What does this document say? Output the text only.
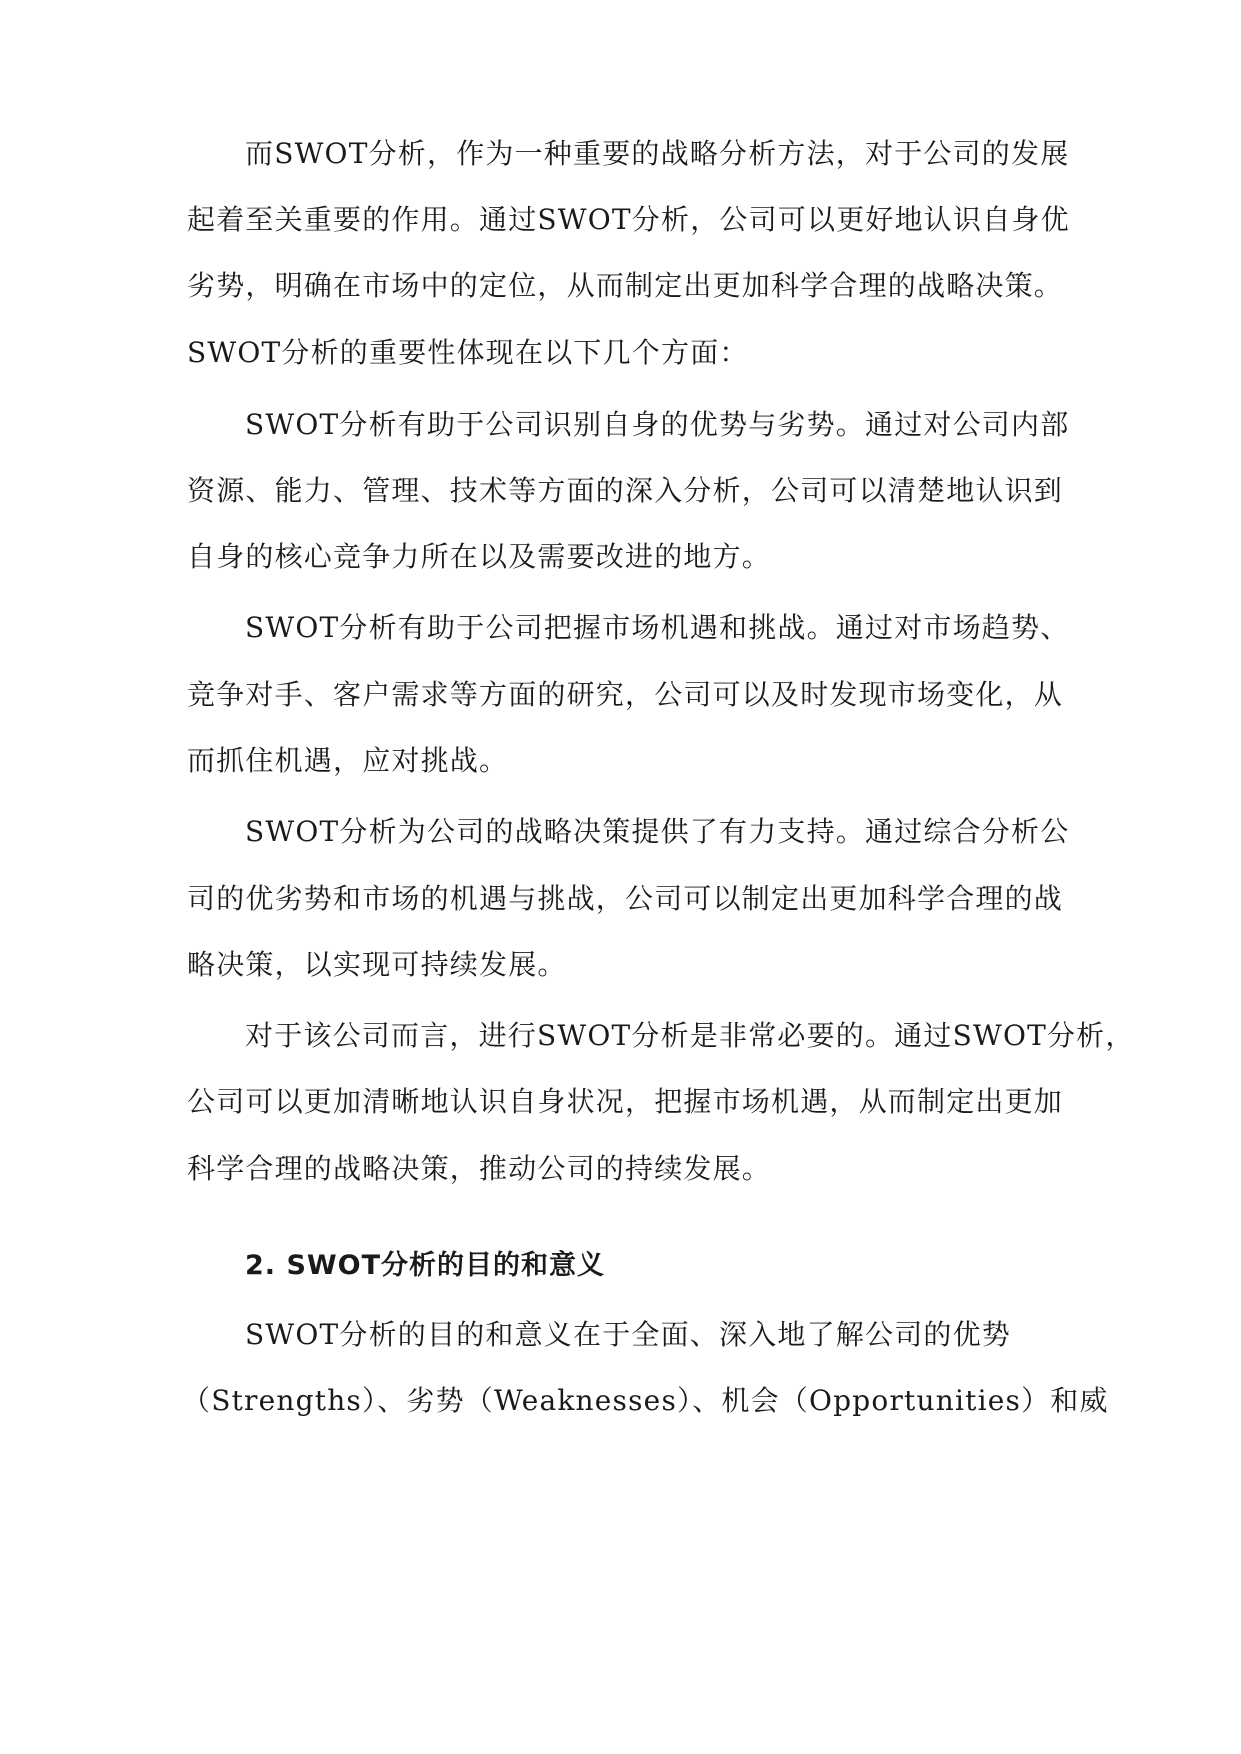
而SWOT分析，作为一种重要的战略分析方法，对于公司的发展
起着至关重要的作用。通过SWOT分析，公司可以更好地认识自身优
劣势，明确在市场中的定位，从而制定出更加科学合理的战略决策。
SWOT分析的重要性体现在以下几个方面：
SWOT分析有助于公司识别自身的优势与劣势。通过对公司内部
资源、能力、管理、技术等方面的深入分析，公司可以清楚地认识到
自身的核心竞争力所在以及需要改进的地方。
SWOT分析有助于公司把握市场机遇和挑战。通过对市场趋势、
竞争对手、客户需求等方面的研究，公司可以及时发现市场变化，从
而抓住机遇，应对挑战。
SWOT分析为公司的战略决策提供了有力支持。通过综合分析公
司的优劣势和市场的机遇与挑战，公司可以制定出更加科学合理的战
略决策，以实现可持续发展。
对于该公司而言，进行SWOT分析是非常必要的。通过SWOT分析，
公司可以更加清晰地认识自身状况，把握市场机遇，从而制定出更加
科学合理的战略决策，推动公司的持续发展。
2. SWOT分析的目的和意义
SWOT分析的目的和意义在于全面、深入地了解公司的优势
（Strengths）、劣势（Weaknesses）、机会（Opportunities）和威
